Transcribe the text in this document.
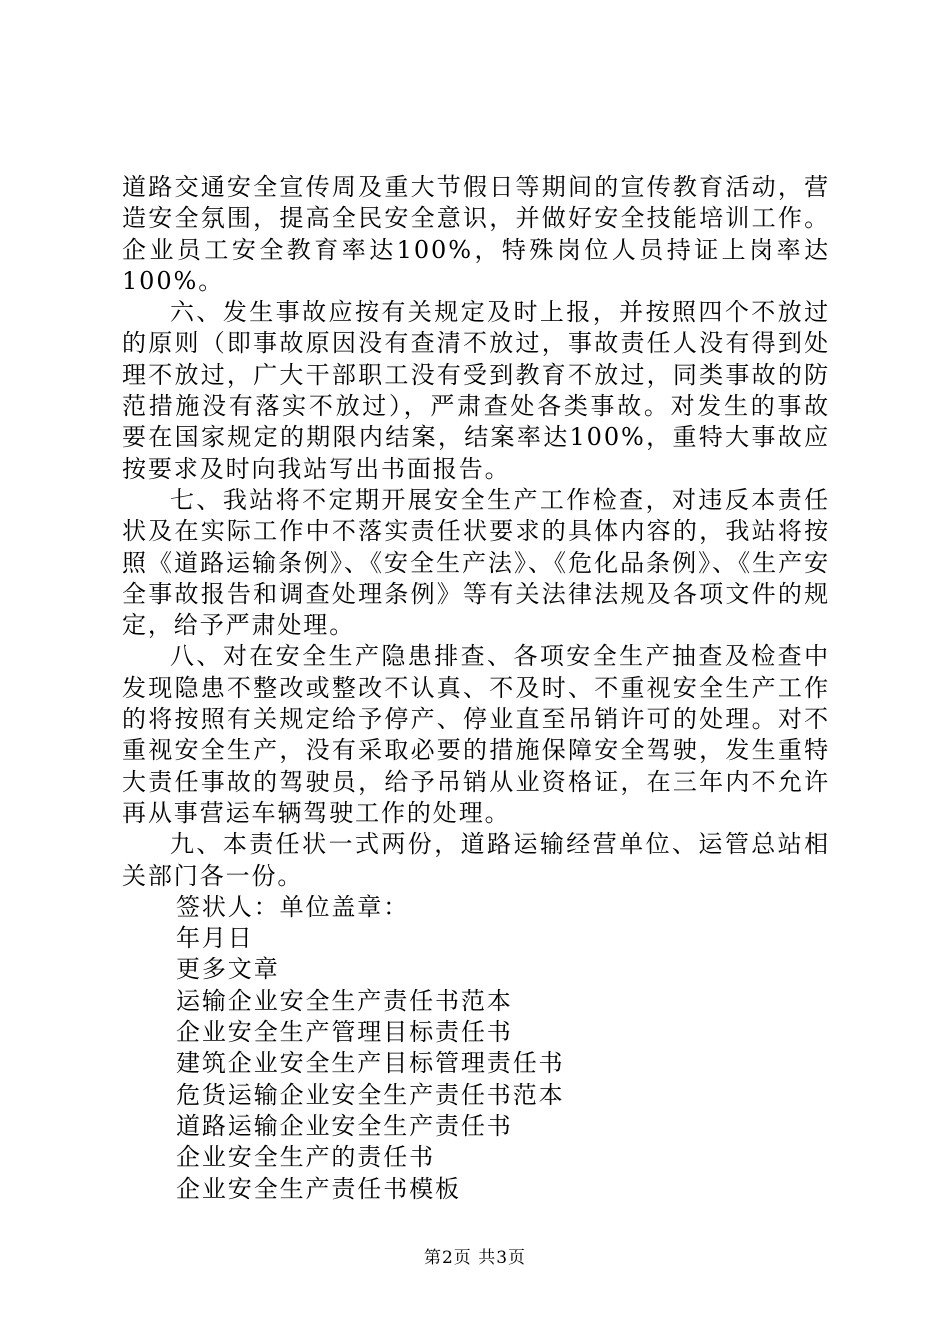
道路交通安全宣传周及重大节假日等期间的宣传教育活动，营造安全氛围，提高全民安全意识，并做好安全技能培训工作。企业员工安全教育率达100%，特殊岗位人员持证上岗率达100%。

六、发生事故应按有关规定及时上报，并按照四个不放过的原则（即事故原因没有查清不放过，事故责任人没有得到处理不放过，广大干部职工没有受到教育不放过，同类事故的防范措施没有落实不放过），严肃查处各类事故。对发生的事故要在国家规定的期限内结案，结案率达100%，重特大事故应按要求及时向我站写出书面报告。

七、我站将不定期开展安全生产工作检查，对违反本责任状及在实际工作中不落实责任状要求的具体内容的，我站将按照《道路运输条例》、《安全生产法》、《危化品条例》、《生产安全事故报告和调查处理条例》等有关法律法规及各项文件的规定，给予严肃处理。

八、对在安全生产隐患排查、各项安全生产抽查及检查中发现隐患不整改或整改不认真、不及时、不重视安全生产工作的将按照有关规定给予停产、停业直至吊销许可的处理。对不重视安全生产，没有采取必要的措施保障安全驾驶，发生重特大责任事故的驾驶员，给予吊销从业资格证，在三年内不允许再从事营运车辆驾驶工作的处理。

九、本责任状一式两份，道路运输经营单位、运管总站相关部门各一份。

签状人：单位盖章：

年月日

更多文章

运输企业安全生产责任书范本

企业安全生产管理目标责任书

建筑企业安全生产目标管理责任书

危货运输企业安全生产责任书范本

道路运输企业安全生产责任书

企业安全生产的责任书

企业安全生产责任书模板

第2页 共3页
